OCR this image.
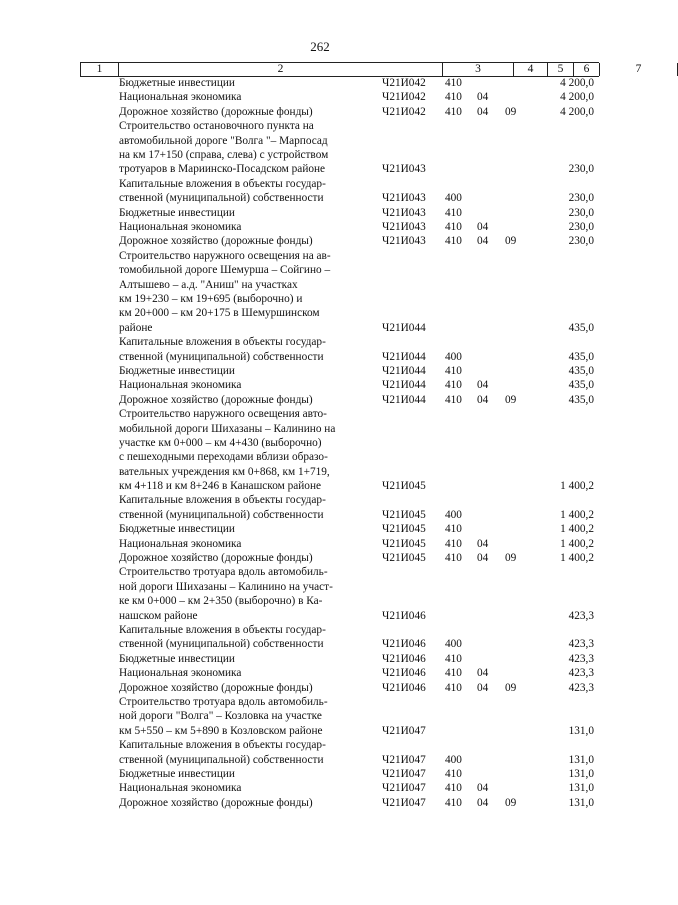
262
1	2	3	4	5	6	7
Бюджетные инвестиции	Ч21И042 410	4 200,0
Национальная экономика	Ч21И042 410 04	4 200,0
Дорожное хозяйство (дорожные фонды)	Ч21И042 410 04 09	4 200,0
Строительство остановочного пункта на
автомобильной дороге "Волга "– Марпосад
на км 17+150 (справа, слева) с устройством
тротуаров в Мариинско-Посадском районе	Ч21И043	230,0
Капитальные вложения в объекты государ-
ственной (муниципальной) собственности	Ч21И043 400	230,0
Бюджетные инвестиции	Ч21И043 410	230,0
Национальная экономика	Ч21И043 410 04	230,0
Дорожное хозяйство (дорожные фонды)	Ч21И043 410 04 09	230,0
Строительство наружного освещения на ав-
томобильной дороге Шемурша – Сойгино –
Алтышево – а.д. "Аниш" на участках
км 19+230 – км 19+695 (выборочно) и
км 20+000 – км 20+175 в Шемуршинском
районе	Ч21И044	435,0
Капитальные вложения в объекты государ-
ственной (муниципальной) собственности	Ч21И044 400	435,0
Бюджетные инвестиции	Ч21И044 410	435,0
Национальная экономика	Ч21И044 410 04	435,0
Дорожное хозяйство (дорожные фонды)	Ч21И044 410 04 09	435,0
Строительство наружного освещения авто-
мобильной дороги Шихазаны – Калинино на
участке км 0+000 – км 4+430 (выборочно)
с пешеходными переходами вблизи образо-
вательных учреждения км 0+868, км 1+719,
км 4+118 и км 8+246 в Канашском районе	Ч21И045	1 400,2
Капитальные вложения в объекты государ-
ственной (муниципальной) собственности	Ч21И045 400	1 400,2
Бюджетные инвестиции	Ч21И045 410	1 400,2
Национальная экономика	Ч21И045 410 04	1 400,2
Дорожное хозяйство (дорожные фонды)	Ч21И045 410 04 09	1 400,2
Строительство тротуара вдоль автомобиль-
ной дороги Шихазаны – Калинино на участ-
ке км 0+000 – км 2+350 (выборочно) в Ка-
нашском районе	Ч21И046	423,3
Капитальные вложения в объекты государ-
ственной (муниципальной) собственности	Ч21И046 400	423,3
Бюджетные инвестиции	Ч21И046 410	423,3
Национальная экономика	Ч21И046 410 04	423,3
Дорожное хозяйство (дорожные фонды)	Ч21И046 410 04 09	423,3
Строительство тротуара вдоль автомобиль-
ной дороги "Волга" – Козловка на участке
км 5+550 – км 5+890 в Козловском районе	Ч21И047	131,0
Капитальные вложения в объекты государ-
ственной (муниципальной) собственности	Ч21И047 400	131,0
Бюджетные инвестиции	Ч21И047 410	131,0
Национальная экономика	Ч21И047 410 04	131,0
Дорожное хозяйство (дорожные фонды)	Ч21И047 410 04 09	131,0
